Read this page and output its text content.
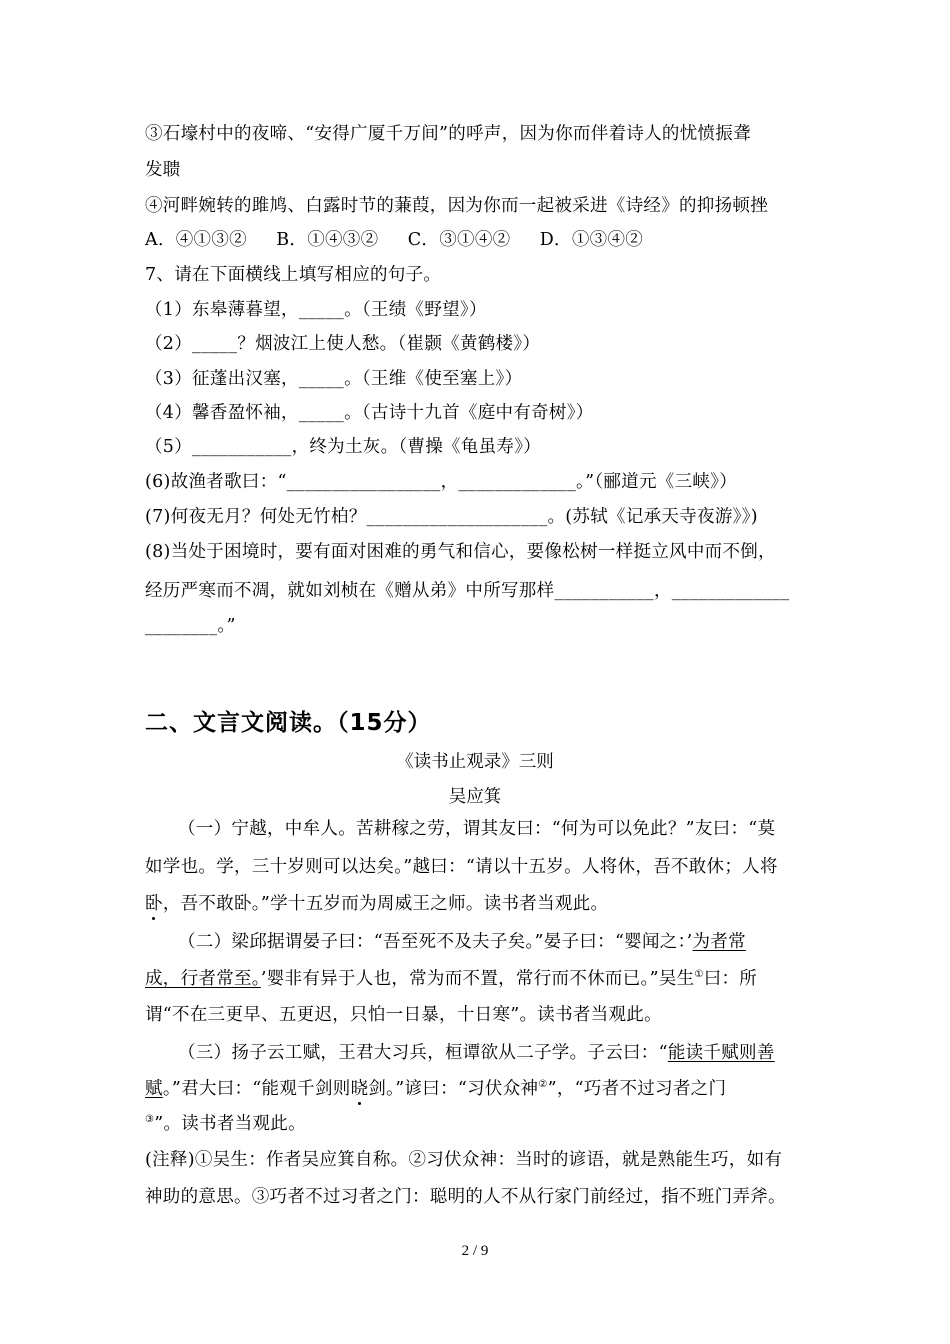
③石壕村中的夜啼、“安得广厦千万间”的呼声，因为你而伴着诗人的忧愤振聋
发聩
④河畔婉转的雎鸠、白露时节的蒹葭，因为你而一起被采进《诗经》的抑扬顿挫
A．④①③②     B．①④③②     C．③①④②     D．①③④②
7、请在下面横线上填写相应的句子。
（1）东皋薄暮望，_____。（王绩《野望》）
（2）_____？烟波江上使人愁。（崔颢《黄鹤楼》）
（3）征蓬出汉塞，_____。（王维《使至塞上》）
（4）馨香盈怀袖，_____。（古诗十九首《庭中有奇树》）
（5）___________，终为土灰。（曹操《龟虽寿》）
(6)故渔者歌曰：“_________________，_____________。”（郦道元《三峡》）
(7)何夜无月？何处无竹柏？____________________。(苏轼《记承天寺夜游》》)
(8)当处于困境时，要有面对困难的勇气和信心，要像松树一样挺立风中而不倒，
经历严寒而不凋，就如刘桢在《赠从弟》中所写那样___________，_____________
________。”
二、文言文阅读。（15分）
《读书止观录》三则
吴应箕
（一）宁越，中牟人。苦耕稼之劳，谓其友曰：“何为可以免此？”友曰：“莫
如学也。学，三十岁则可以达矣。”越曰：“请以十五岁。人将休，吾不敢休；人将
卧，吾不敢卧。”学十五岁而为周威王之师。读书者当观此。
（二）梁邱据谓晏子曰：“吾至死不及夫子矣。”晏子曰：“婴闻之：’为者常
成，行者常至。’婴非有异于人也，常为而不置，常行而不休而已。”吴生①曰：所
谓“不在三更早、五更迟，只怕一日暴，十日寒”。读书者当观此。
（三）扬子云工赋，王君大习兵，桓谭欲从二子学。子云曰：“能读千赋则善
赋。”君大曰：“能观千剑则晓剑。”谚曰：“习伏众神②”，“巧者不过习者之门
③”。读书者当观此。
(注释)①吴生：作者吴应箕自称。②习伏众神：当时的谚语，就是熟能生巧，如有
神助的意思。③巧者不过习者之门：聪明的人不从行家门前经过，指不班门弄斧。
2 / 9
